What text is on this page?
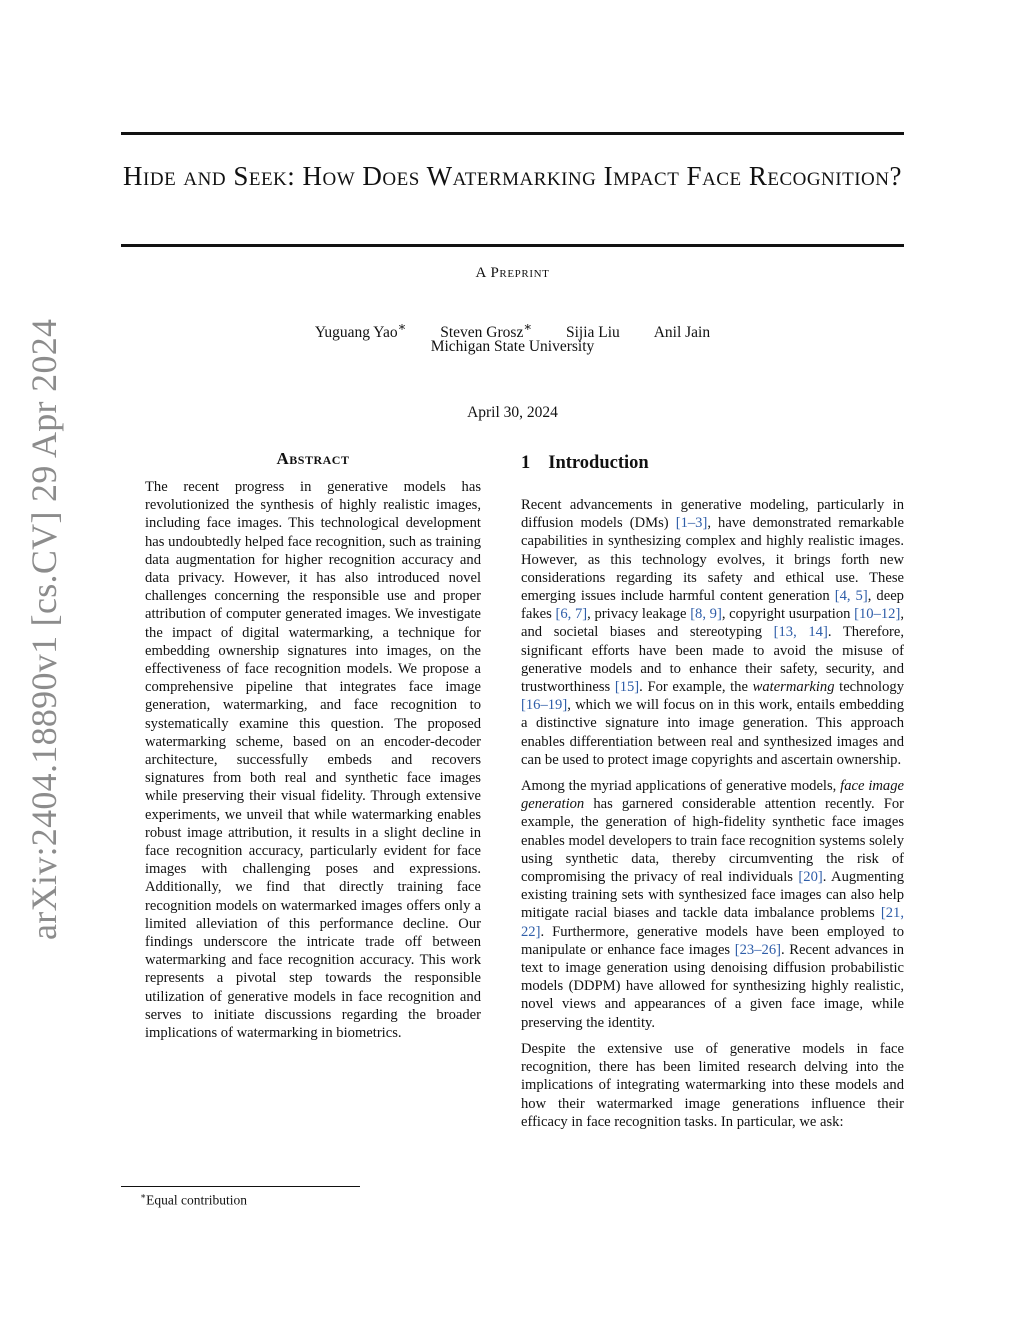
Hide and Seek: How Does Watermarking Impact Face Recognition?
A Preprint
Yuguang Yao∗ Steven Grosz∗ Sijia Liu Anil Jain
Michigan State University
April 30, 2024
arXiv:2404.18890v1 [cs.CV] 29 Apr 2024	Abstract
The recent progress in generative models has revolutionized the synthesis of highly realistic images, including face images. This technological development has undoubtedly helped face recognition, such as training data augmentation for higher recognition accuracy and data privacy. However, it has also introduced novel challenges concerning the responsible use and proper attribution of computer generated images. We investigate the impact of digital watermarking, a technique for embedding ownership signatures into images, on the effectiveness of face recognition models. We propose a comprehensive pipeline that integrates face image generation, watermarking, and face recognition to systematically examine this question. The proposed watermarking scheme, based on an encoder-decoder architecture, successfully embeds and recovers signatures from both real and synthetic face images while preserving their visual fidelity. Through extensive experiments, we unveil that while watermarking enables robust image attribution, it results in a slight decline in face recognition accuracy, particularly evident for face images with challenging poses and expressions. Additionally, we find that directly training face recognition models on watermarked images offers only a limited alleviation of this performance decline. Our findings underscore the intricate trade off between watermarking and face recognition accuracy. This work represents a pivotal step towards the responsible utilization of generative models in face recognition and serves to initiate discussions regarding the broader implications of watermarking in biometrics.
1 Introduction

Recent advancements in generative modeling, particularly in diffusion models (DMs) [1–3], have demonstrated remarkable capabilities in synthesizing complex and highly realistic images. However, as this technology evolves, it brings forth new considerations regarding its safety and ethical use. These emerging issues include harmful content generation [4, 5], deep fakes [6, 7], privacy leakage [8, 9], copyright usurpation [10–12], and societal biases and stereotyping [13, 14]. Therefore, significant efforts have been made to avoid the misuse of generative models and to enhance their safety, security, and trustworthiness [15]. For example, the watermarking technology [16–19], which we will focus on in this work, entails embedding a distinctive signature into image generation. This approach enables differentiation between real and synthesized images and can be used to protect image copyrights and ascertain ownership.

Among the myriad applications of generative models, face image generation has garnered considerable attention recently. For example, the generation of high-fidelity synthetic face images enables model developers to train face recognition systems solely using synthetic data, thereby circumventing the risk of compromising the privacy of real individuals [20]. Augmenting existing training sets with synthesized face images can also help mitigate racial biases and tackle data imbalance problems [21, 22]. Furthermore, generative models have been employed to manipulate or enhance face images [23–26]. Recent advances in text to image generation using denoising diffusion probabilistic models (DDPM) have allowed for synthesizing highly realistic, novel views and appearances of a given face image, while preserving the identity.

Despite the extensive use of generative models in face recognition, there has been limited research delving into the implications of integrating watermarking into these models and how their watermarked image generations influence their efficacy in face recognition tasks. In particular, we ask:

∗Equal contribution
